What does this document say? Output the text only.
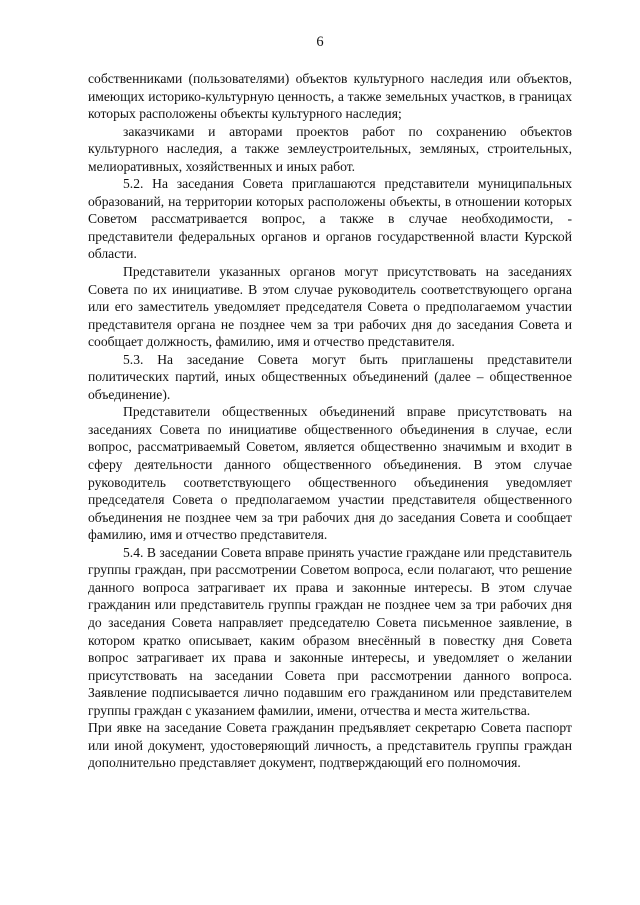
6

собственниками (пользователями) объектов культурного наследия или объектов, имеющих историко-культурную ценность, а также земельных участков, в границах которых расположены объекты культурного наследия;

заказчиками и авторами проектов работ по сохранению объектов культурного наследия, а также землеустроительных, земляных, строительных, мелиоративных, хозяйственных и иных работ.

5.2. На заседания Совета приглашаются представители муниципальных образований, на территории которых расположены объекты, в отношении которых Советом рассматривается вопрос, а также в случае необходимости, - представители федеральных органов и органов государственной власти Курской области.

Представители указанных органов могут присутствовать на заседаниях Совета по их инициативе. В этом случае руководитель соответствующего органа или его заместитель уведомляет председателя Совета о предполагаемом участии представителя органа не позднее чем за три рабочих дня до заседания Совета и сообщает должность, фамилию, имя и отчество представителя.

5.3. На заседание Совета могут быть приглашены представители политических партий, иных общественных объединений (далее – общественное объединение).

Представители общественных объединений вправе присутствовать на заседаниях Совета по инициативе общественного объединения в случае, если вопрос, рассматриваемый Советом, является общественно значимым и входит в сферу деятельности данного общественного объединения. В этом случае руководитель соответствующего общественного объединения уведомляет председателя Совета о предполагаемом участии представителя общественного объединения не позднее чем за три рабочих дня до заседания Совета и сообщает фамилию, имя и отчество представителя.

5.4. В заседании Совета вправе принять участие граждане или представитель группы граждан, при рассмотрении Советом вопроса, если полагают, что решение данного вопроса затрагивает их права и законные интересы. В этом случае гражданин или представитель группы граждан не позднее чем за три рабочих дня до заседания Совета направляет председателю Совета письменное заявление, в котором кратко описывает, каким образом внесённый в повестку дня Совета вопрос затрагивает их права и законные интересы, и уведомляет о желании присутствовать на заседании Совета при рассмотрении данного вопроса. Заявление подписывается лично подавшим его гражданином или представителем группы граждан с указанием фамилии, имени, отчества и места жительства.

При явке на заседание Совета гражданин предъявляет секретарю Совета паспорт или иной документ, удостоверяющий личность, а представитель группы граждан дополнительно представляет документ, подтверждающий его полномочия.
